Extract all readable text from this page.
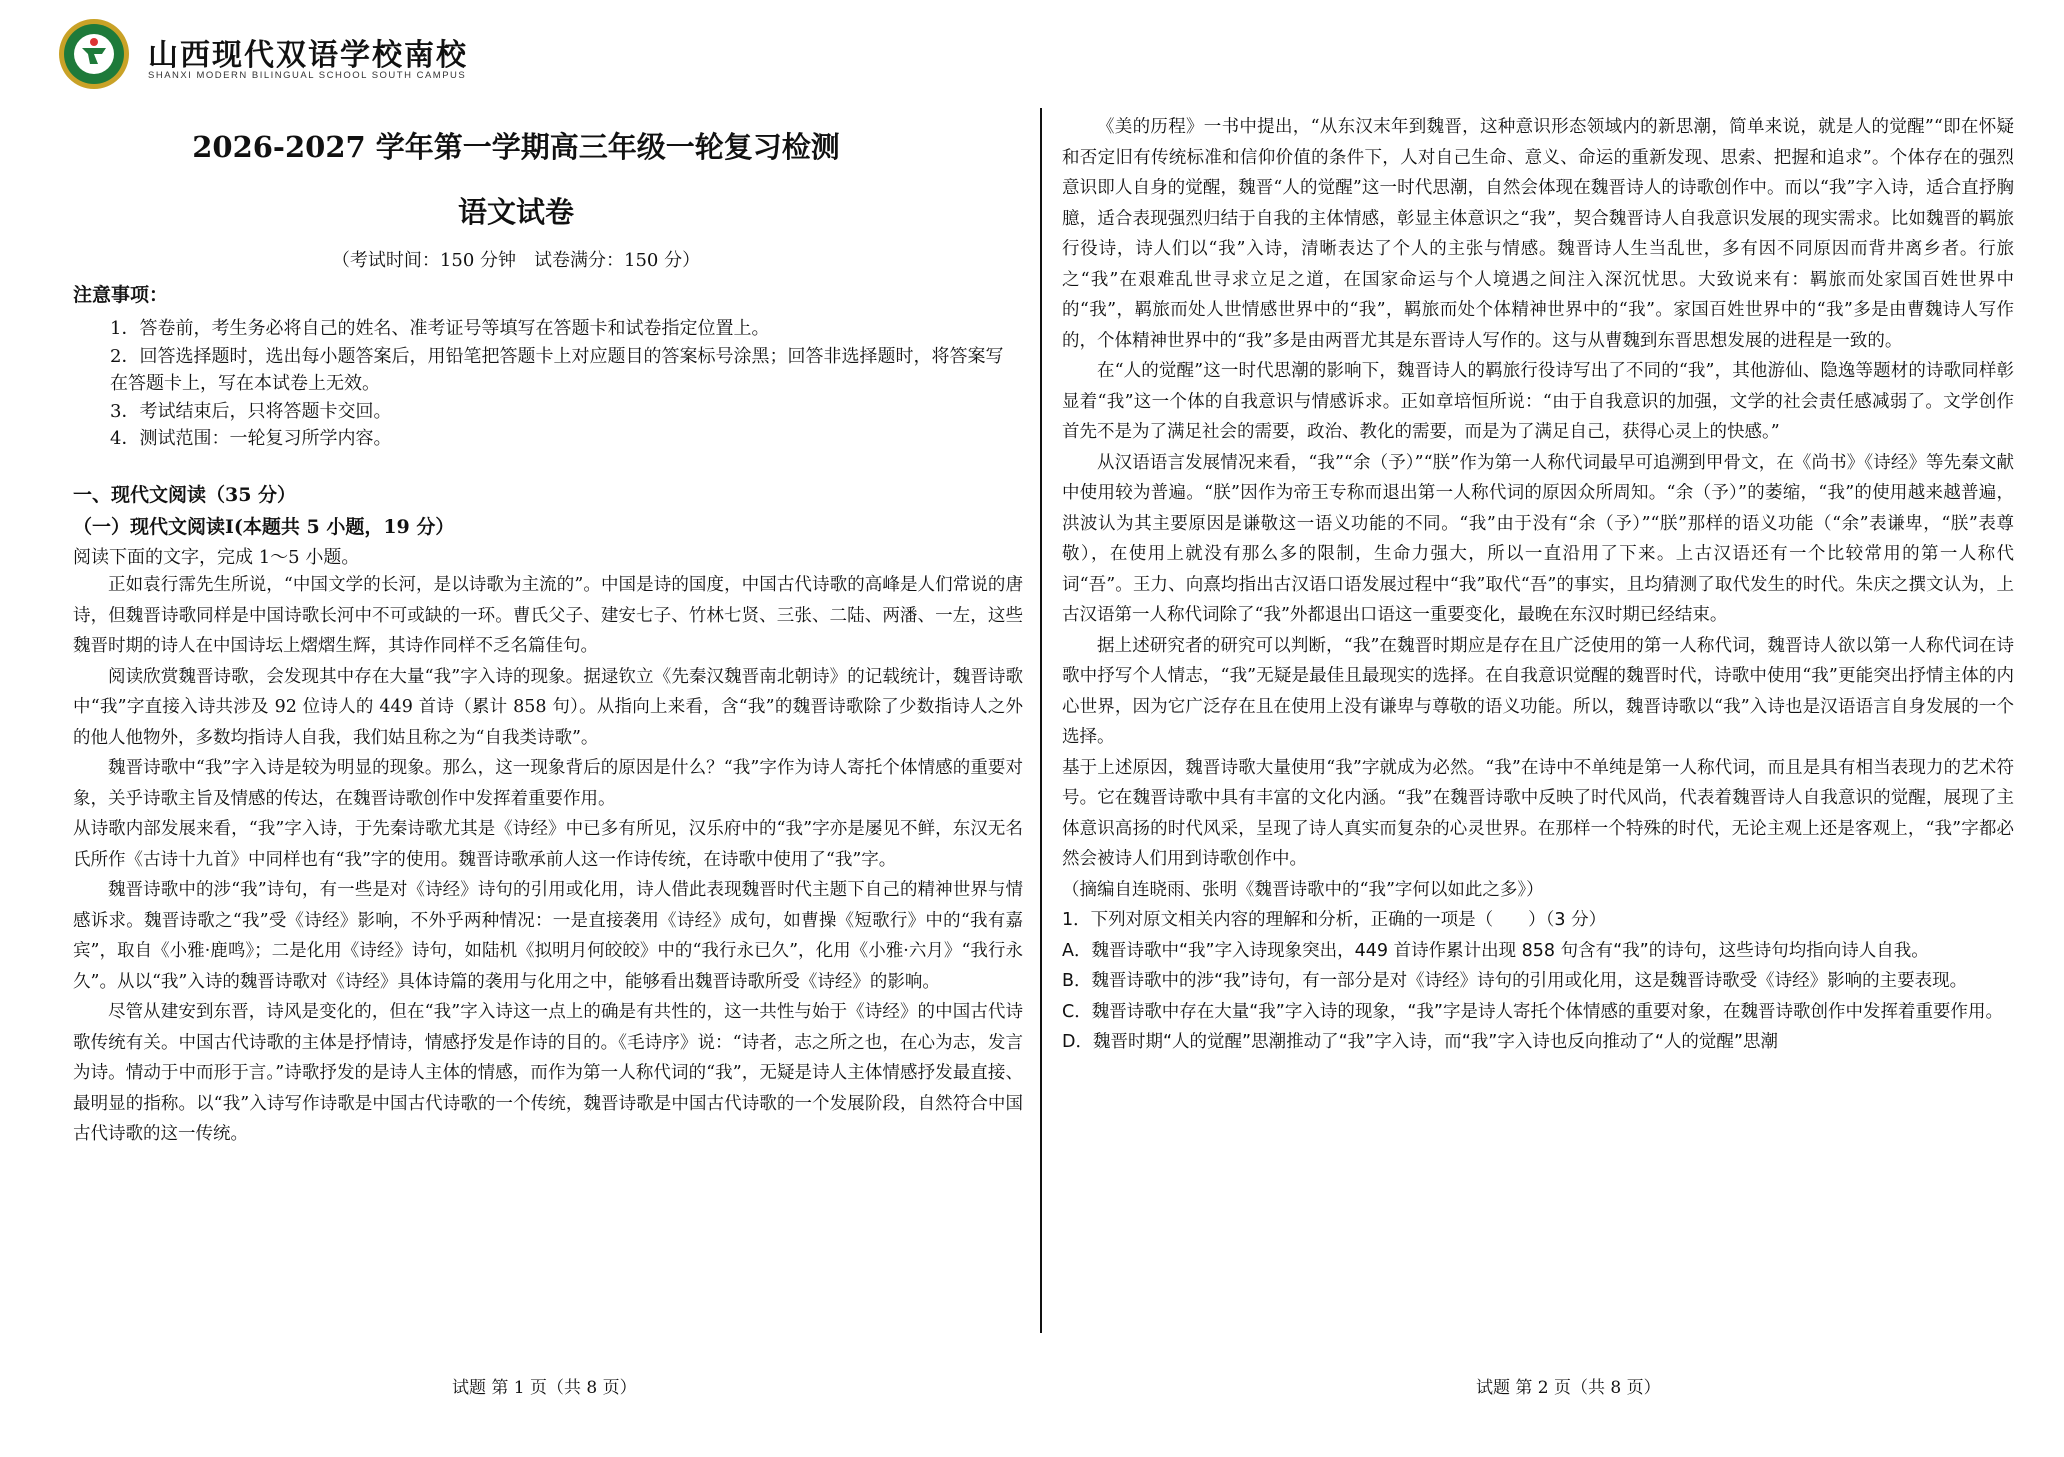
山西现代双语学校南校
SHANXI MODERN BILINGUAL SCHOOL SOUTH CAMPUS
2026-2027 学年第一学期高三年级一轮复习检测
语文试卷
（考试时间：150 分钟　试卷满分：150 分）
注意事项：
1．答卷前，考生务必将自己的姓名、准考证号等填写在答题卡和试卷指定位置上。
2．回答选择题时，选出每小题答案后，用铅笔把答题卡上对应题目的答案标号涂黑；回答非选择题时，将答案写在答题卡上，写在本试卷上无效。
3．考试结束后，只将答题卡交回。
4．测试范围：一轮复习所学内容。
一、现代文阅读（35 分）
（一）现代文阅读Ⅰ(本题共 5 小题，19 分）
阅读下面的文字，完成 1～5 小题。

正如袁行霈先生所说，“中国文学的长河，是以诗歌为主流的”。中国是诗的国度，中国古代诗歌的高峰是人们常说的唐诗，但魏晋诗歌同样是中国诗歌长河中不可或缺的一环。曹氏父子、建安七子、竹林七贤、三张、二陆、两潘、一左，这些魏晋时期的诗人在中国诗坛上熠熠生辉，其诗作同样不乏名篇佳句。

阅读欣赏魏晋诗歌，会发现其中存在大量“我”字入诗的现象。据逯钦立《先秦汉魏晋南北朝诗》的记载统计，魏晋诗歌中“我”字直接入诗共涉及 92 位诗人的 449 首诗（累计 858 句）。从指向上来看，含“我”的魏晋诗歌除了少数指诗人之外的他人他物外，多数均指诗人自我，我们姑且称之为“自我类诗歌”。

魏晋诗歌中“我”字入诗是较为明显的现象。那么，这一现象背后的原因是什么？“我”字作为诗人寄托个体情感的重要对象，关乎诗歌主旨及情感的传达，在魏晋诗歌创作中发挥着重要作用。

从诗歌内部发展来看，“我”字入诗，于先秦诗歌尤其是《诗经》中已多有所见，汉乐府中的“我”字亦是屡见不鲜，东汉无名氏所作《古诗十九首》中同样也有“我”字的使用。魏晋诗歌承前人这一作诗传统，在诗歌中使用了“我”字。

魏晋诗歌中的涉“我”诗句，有一些是对《诗经》诗句的引用或化用，诗人借此表现魏晋时代主题下自己的精神世界与情感诉求。魏晋诗歌之“我”受《诗经》影响，不外乎两种情况：一是直接袭用《诗经》成句，如曹操《短歌行》中的“我有嘉宾”，取自《小雅·鹿鸣》；二是化用《诗经》诗句，如陆机《拟明月何皎皎》中的“我行永已久”，化用《小雅·六月》“我行永久”。从以“我”入诗的魏晋诗歌对《诗经》具体诗篇的袭用与化用之中，能够看出魏晋诗歌所受《诗经》的影响。

尽管从建安到东晋，诗风是变化的，但在“我”字入诗这一点上的确是有共性的，这一共性与始于《诗经》的中国古代诗歌传统有关。中国古代诗歌的主体是抒情诗，情感抒发是作诗的目的。《毛诗序》说：“诗者，志之所之也，在心为志，发言为诗。情动于中而形于言。”诗歌抒发的是诗人主体的情感，而作为第一人称代词的“我”，无疑是诗人主体情感抒发最直接、最明显的指称。以“我”入诗写作诗歌是中国古代诗歌的一个传统，魏晋诗歌是中国古代诗歌的一个发展阶段，自然符合中国古代诗歌的这一传统。

试题 第 1 页（共 8 页）	试题 第 2 页（共 8 页）

《美的历程》一书中提出，“从东汉末年到魏晋，这种意识形态领域内的新思潮，简单来说，就是人的觉醒”“即在怀疑和否定旧有传统标准和信仰价值的条件下，人对自己生命、意义、命运的重新发现、思索、把握和追求”。个体存在的强烈意识即人自身的觉醒，魏晋“人的觉醒”这一时代思潮，自然会体现在魏晋诗人的诗歌创作中。而以“我”字入诗，适合直抒胸臆，适合表现强烈归结于自我的主体情感，彰显主体意识之“我”，契合魏晋诗人自我意识发展的现实需求。比如魏晋的羁旅行役诗，诗人们以“我”入诗，清晰表达了个人的主张与情感。魏晋诗人生当乱世，多有因不同原因而背井离乡者。行旅之“我”在艰难乱世寻求立足之道，在国家命运与个人境遇之间注入深沉忧思。大致说来有：羁旅而处家国百姓世界中的“我”，羁旅而处人世情感世界中的“我”，羁旅而处个体精神世界中的“我”。家国百姓世界中的“我”多是由曹魏诗人写作的，个体精神世界中的“我”多是由两晋尤其是东晋诗人写作的。这与从曹魏到东晋思想发展的进程是一致的。

在“人的觉醒”这一时代思潮的影响下，魏晋诗人的羁旅行役诗写出了不同的“我”，其他游仙、隐逸等题材的诗歌同样彰显着“我”这一个体的自我意识与情感诉求。正如章培恒所说：“由于自我意识的加强，文学的社会责任感减弱了。文学创作首先不是为了满足社会的需要，政治、教化的需要，而是为了满足自己，获得心灵上的快感。”

从汉语语言发展情况来看，“我”“余（予）”“朕”作为第一人称代词最早可追溯到甲骨文，在《尚书》《诗经》等先秦文献中使用较为普遍。“朕”因作为帝王专称而退出第一人称代词的原因众所周知。“余（予）”的萎缩，“我”的使用越来越普遍，洪波认为其主要原因是谦敬这一语义功能的不同。“我”由于没有“余（予）”“朕”那样的语义功能（“余”表谦卑，“朕”表尊敬），在使用上就没有那么多的限制，生命力强大，所以一直沿用了下来。上古汉语还有一个比较常用的第一人称代词“吾”。王力、向熹均指出古汉语口语发展过程中“我”取代“吾”的事实，且均猜测了取代发生的时代。朱庆之撰文认为，上古汉语第一人称代词除了“我”外都退出口语这一重要变化，最晚在东汉时期已经结束。

据上述研究者的研究可以判断，“我”在魏晋时期应是存在且广泛使用的第一人称代词，魏晋诗人欲以第一人称代词在诗歌中抒写个人情志，“我”无疑是最佳且最现实的选择。在自我意识觉醒的魏晋时代，诗歌中使用“我”更能突出抒情主体的内心世界，因为它广泛存在且在使用上没有谦卑与尊敬的语义功能。所以，魏晋诗歌以“我”入诗也是汉语语言自身发展的一个选择。

基于上述原因，魏晋诗歌大量使用“我”字就成为必然。“我”在诗中不单纯是第一人称代词，而且是具有相当表现力的艺术符号。它在魏晋诗歌中具有丰富的文化内涵。“我”在魏晋诗歌中反映了时代风尚，代表着魏晋诗人自我意识的觉醒，展现了主体意识高扬的时代风采，呈现了诗人真实而复杂的心灵世界。在那样一个特殊的时代，无论主观上还是客观上，“我”字都必然会被诗人们用到诗歌创作中。

（摘编自连晓雨、张明《魏晋诗歌中的“我”字何以如此之多》）

1．下列对原文相关内容的理解和分析，正确的一项是（　　）（3 分）
A．魏晋诗歌中“我”字入诗现象突出，449 首诗作累计出现 858 句含有“我”的诗句，这些诗句均指向诗人自我。
B．魏晋诗歌中的涉“我”诗句，有一部分是对《诗经》诗句的引用或化用，这是魏晋诗歌受《诗经》影响的主要表现。
C．魏晋诗歌中存在大量“我”字入诗的现象，“我”字是诗人寄托个体情感的重要对象，在魏晋诗歌创作中发挥着重要作用。
D．魏晋时期“人的觉醒”思潮推动了“我”字入诗，而“我”字入诗也反向推动了“人的觉醒”思潮
